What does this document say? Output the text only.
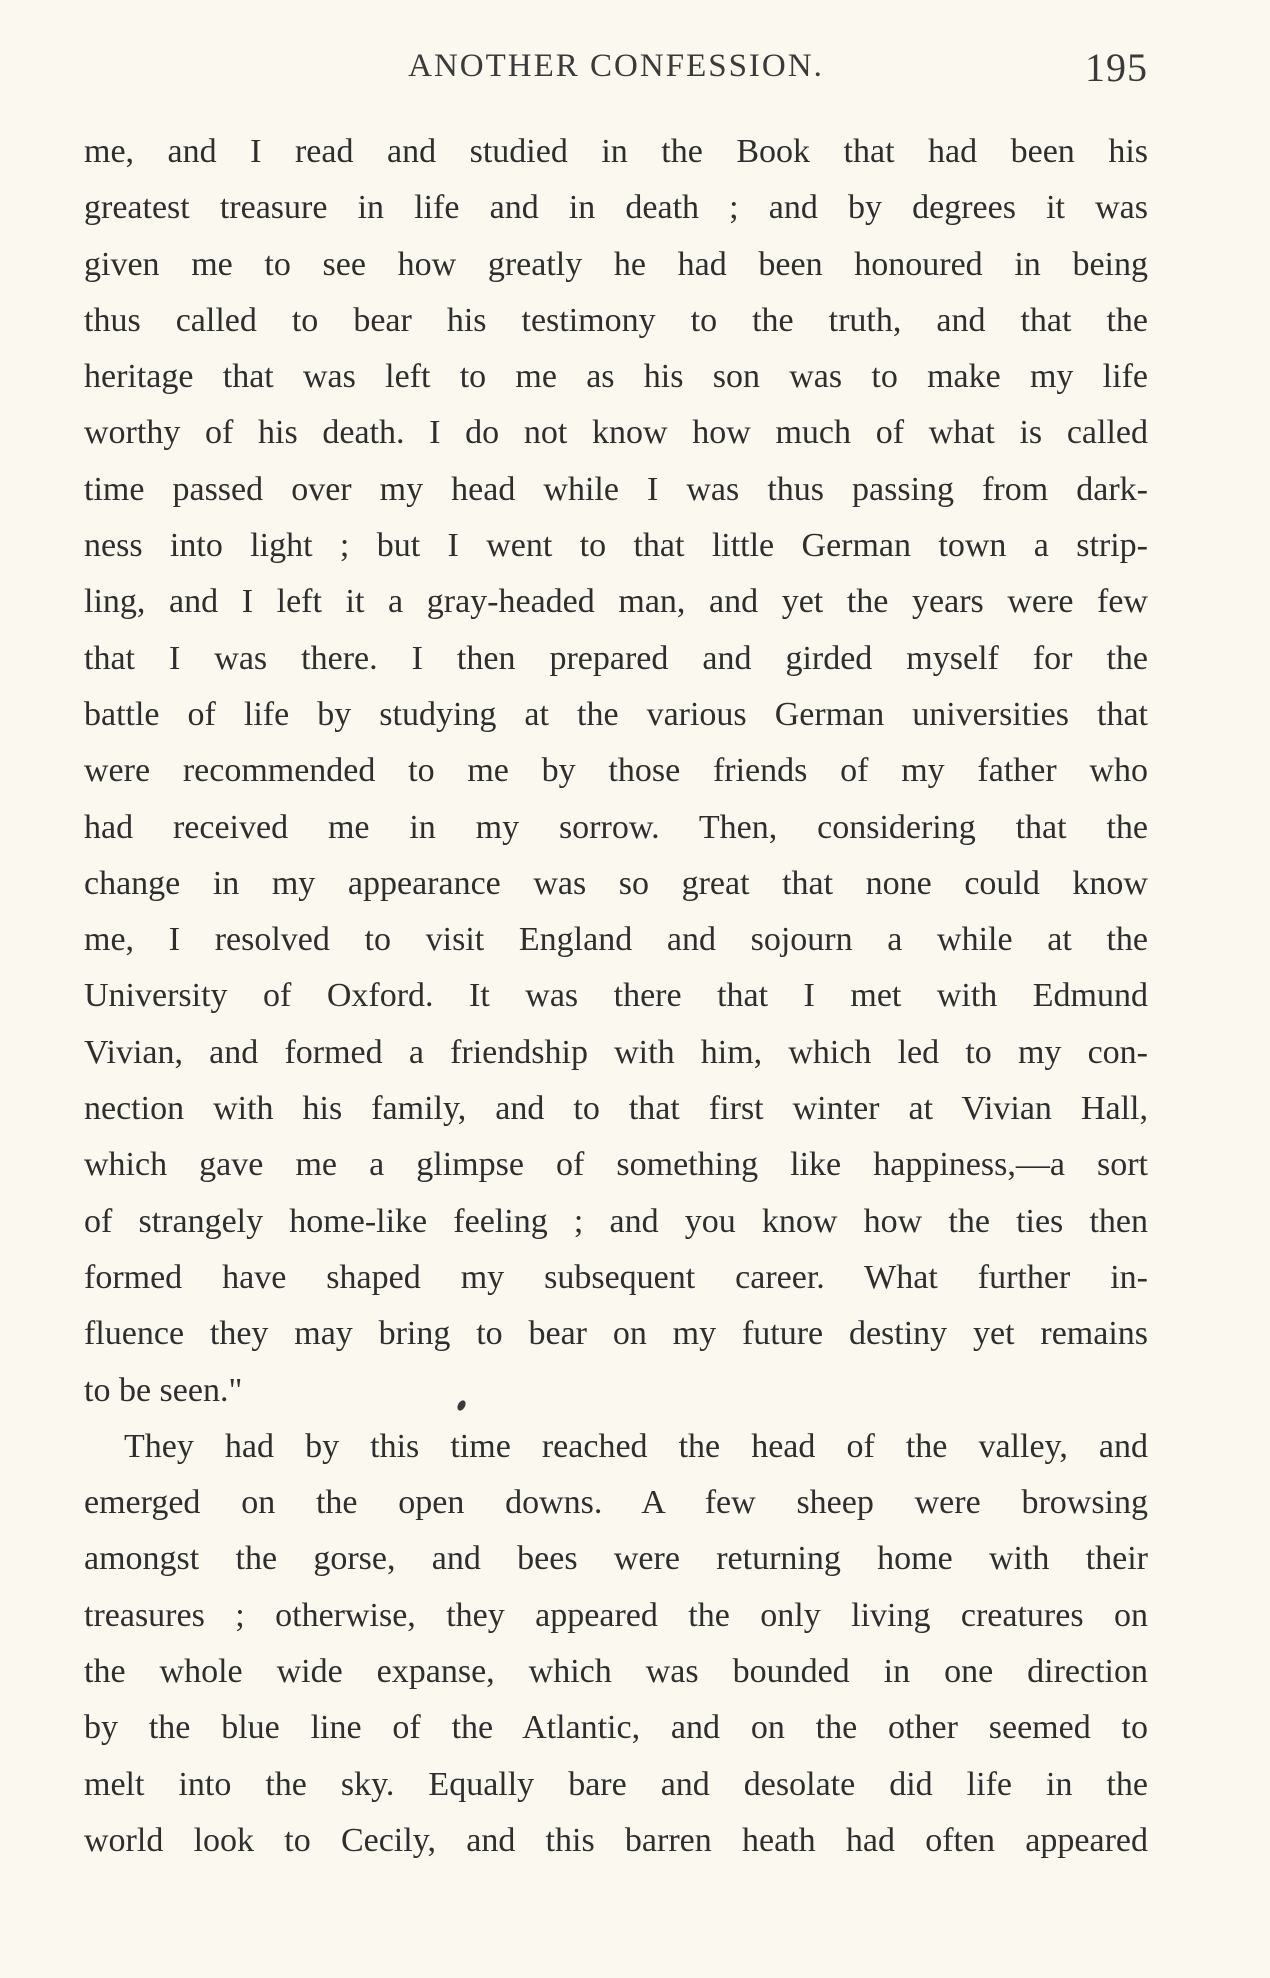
ANOTHER CONFESSION.	195
me, and I read and studied in the Book that had been his
greatest treasure in life and in death ; and by degrees it was
given me to see how greatly he had been honoured in being
thus called to bear his testimony to the truth, and that the
heritage that was left to me as his son was to make my life
worthy of his death. I do not know how much of what is called
time passed over my head while I was thus passing from dark-
ness into light ; but I went to that little German town a strip-
ling, and I left it a gray-headed man, and yet the years were few
that I was there. I then prepared and girded myself for the
battle of life by studying at the various German universities that
were recommended to me by those friends of my father who
had received me in my sorrow. Then, considering that the
change in my appearance was so great that none could know
me, I resolved to visit England and sojourn a while at the
University of Oxford. It was there that I met with Edmund
Vivian, and formed a friendship with him, which led to my con-
nection with his family, and to that first winter at Vivian Hall,
which gave me a glimpse of something like happiness,—a sort
of strangely home-like feeling ; and you know how the ties then
formed have shaped my subsequent career. What further in-
fluence they may bring to bear on my future destiny yet remains
to be seen."
They had by this time reached the head of the valley, and
emerged on the open downs. A few sheep were browsing
amongst the gorse, and bees were returning home with their
treasures ; otherwise, they appeared the only living creatures on
the whole wide expanse, which was bounded in one direction
by the blue line of the Atlantic, and on the other seemed to
melt into the sky. Equally bare and desolate did life in the
world look to Cecily, and this barren heath had often appeared
